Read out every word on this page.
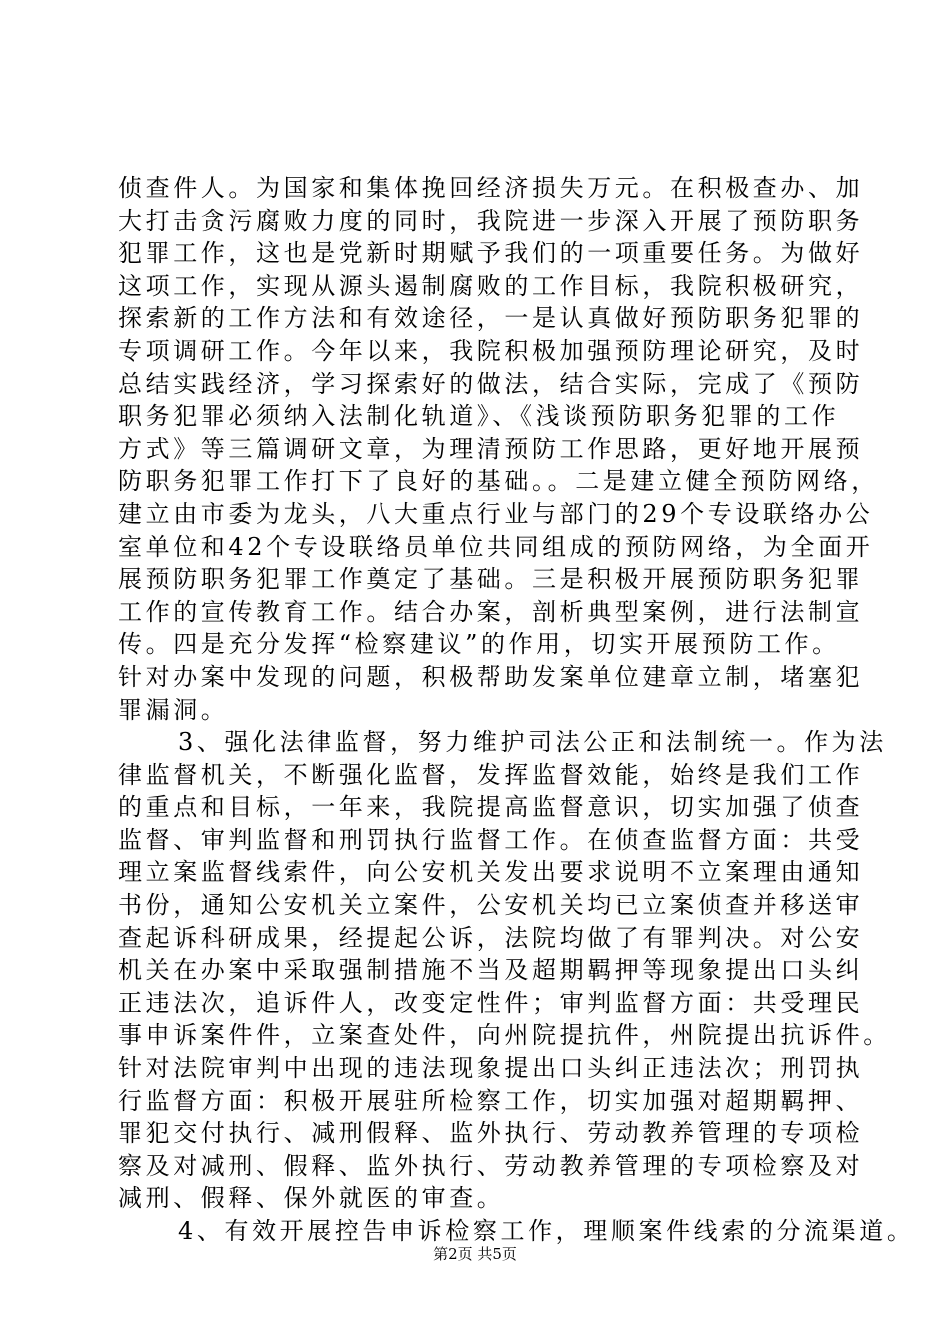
侦查件人。为国家和集体挽回经济损失万元。在积极查办、加
大打击贪污腐败力度的同时，我院进一步深入开展了预防职务
犯罪工作，这也是党新时期赋予我们的一项重要任务。为做好
这项工作，实现从源头遏制腐败的工作目标，我院积极研究，
探索新的工作方法和有效途径，一是认真做好预防职务犯罪的
专项调研工作。今年以来，我院积极加强预防理论研究，及时
总结实践经济，学习探索好的做法，结合实际，完成了《预防
职务犯罪必须纳入法制化轨道》、《浅谈预防职务犯罪的工作
方式》等三篇调研文章，为理清预防工作思路，更好地开展预
防职务犯罪工作打下了良好的基础。。二是建立健全预防网络，
建立由市委为龙头，八大重点行业与部门的29个专设联络办公
室单位和42个专设联络员单位共同组成的预防网络，为全面开
展预防职务犯罪工作奠定了基础。三是积极开展预防职务犯罪
工作的宣传教育工作。结合办案，剖析典型案例，进行法制宣
传。四是充分发挥“检察建议”的作用，切实开展预防工作。
针对办案中发现的问题，积极帮助发案单位建章立制，堵塞犯
罪漏洞。
3、强化法律监督，努力维护司法公正和法制统一。作为法
律监督机关，不断强化监督，发挥监督效能，始终是我们工作
的重点和目标，一年来，我院提高监督意识，切实加强了侦查
监督、审判监督和刑罚执行监督工作。在侦查监督方面：共受
理立案监督线索件，向公安机关发出要求说明不立案理由通知
书份，通知公安机关立案件，公安机关均已立案侦查并移送审
查起诉科研成果，经提起公诉，法院均做了有罪判决。对公安
机关在办案中采取强制措施不当及超期羁押等现象提出口头纠
正违法次，追诉件人，改变定性件；审判监督方面：共受理民
事申诉案件件，立案查处件，向州院提抗件，州院提出抗诉件。
针对法院审判中出现的违法现象提出口头纠正违法次；刑罚执
行监督方面：积极开展驻所检察工作，切实加强对超期羁押、
罪犯交付执行、减刑假释、监外执行、劳动教养管理的专项检
察及对减刑、假释、监外执行、劳动教养管理的专项检察及对
减刑、假释、保外就医的审查。
4、有效开展控告申诉检察工作，理顺案件线索的分流渠道。
第2页 共5页
